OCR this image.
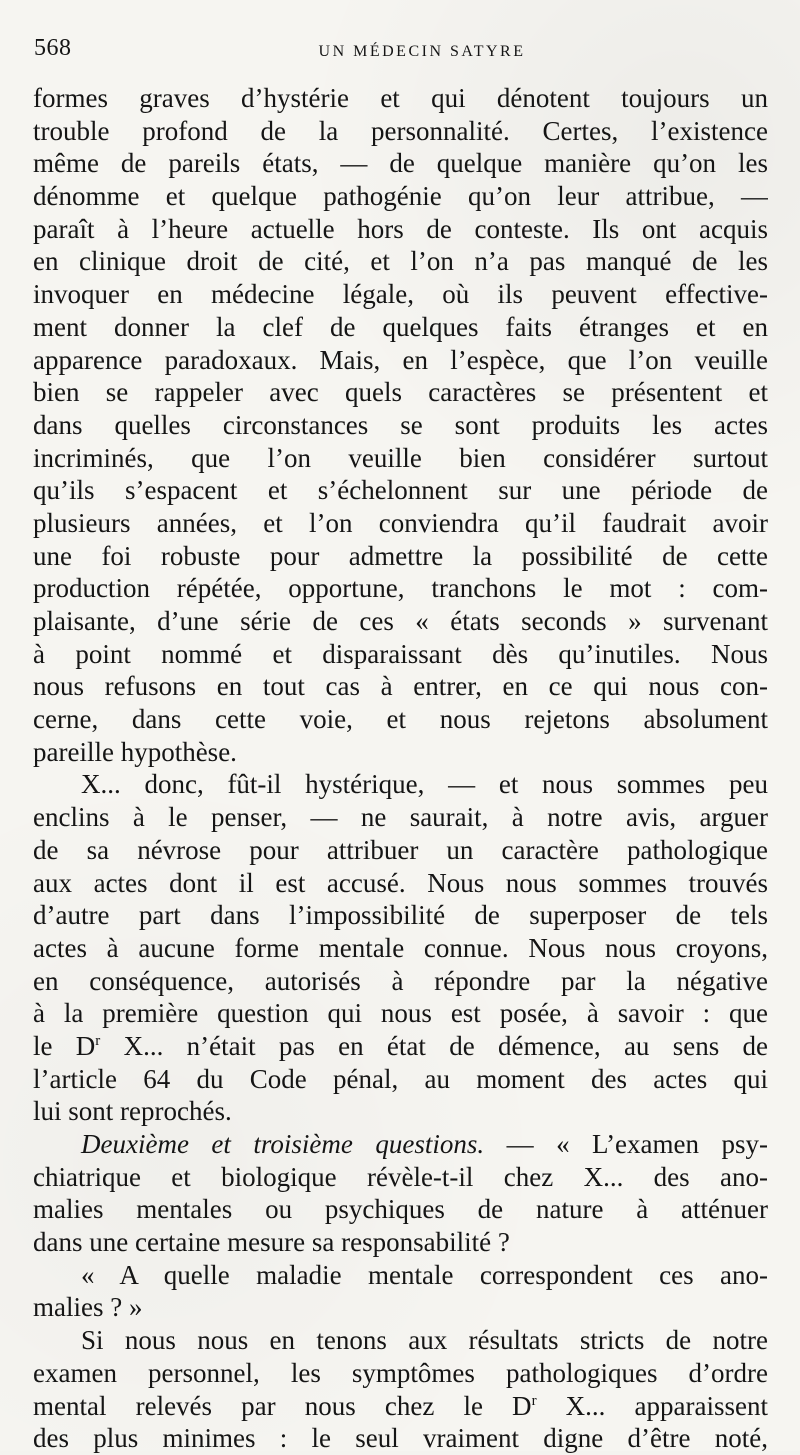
568	UN MÉDECIN SATYRE
formes graves d’hystérie et qui dénotent toujours un
trouble profond de la personnalité. Certes, l’existence
même de pareils états, — de quelque manière qu’on les
dénomme et quelque pathogénie qu’on leur attribue, —
paraît à l’heure actuelle hors de conteste. Ils ont acquis
en clinique droit de cité, et l’on n’a pas manqué de les
invoquer en médecine légale, où ils peuvent effective-
ment donner la clef de quelques faits étranges et en
apparence paradoxaux. Mais, en l’espèce, que l’on veuille
bien se rappeler avec quels caractères se présentent et
dans quelles circonstances se sont produits les actes
incriminés, que l’on veuille bien considérer surtout
qu’ils s’espacent et s’échelonnent sur une période de
plusieurs années, et l’on conviendra qu’il faudrait avoir
une foi robuste pour admettre la possibilité de cette
production répétée, opportune, tranchons le mot : com-
plaisante, d’une série de ces « états seconds » survenant
à point nommé et disparaissant dès qu’inutiles. Nous
nous refusons en tout cas à entrer, en ce qui nous con-
cerne, dans cette voie, et nous rejetons absolument
pareille hypothèse.
X... donc, fût-il hystérique, — et nous sommes peu
enclins à le penser, — ne saurait, à notre avis, arguer
de sa névrose pour attribuer un caractère pathologique
aux actes dont il est accusé. Nous nous sommes trouvés
d’autre part dans l’impossibilité de superposer de tels
actes à aucune forme mentale connue. Nous nous croyons,
en conséquence, autorisés à répondre par la négative
à la première question qui nous est posée, à savoir : que
le $D^r$ X... n’était pas en état de démence, au sens de
l’article 64 du Code pénal, au moment des actes qui
lui sont reprochés.
Deuxième et troisième questions. — « L’examen psy-
chiatrique et biologique révèle-t-il chez X... des ano-
malies mentales ou psychiques de nature à atténuer
dans une certaine mesure sa responsabilité ?
« A quelle maladie mentale correspondent ces ano-
malies ? »
Si nous nous en tenons aux résultats stricts de notre
examen personnel, les symptômes pathologiques d’ordre
mental relevés par nous chez le $D^r$ X... apparaissent
des plus minimes : le seul vraiment digne d’être noté,
